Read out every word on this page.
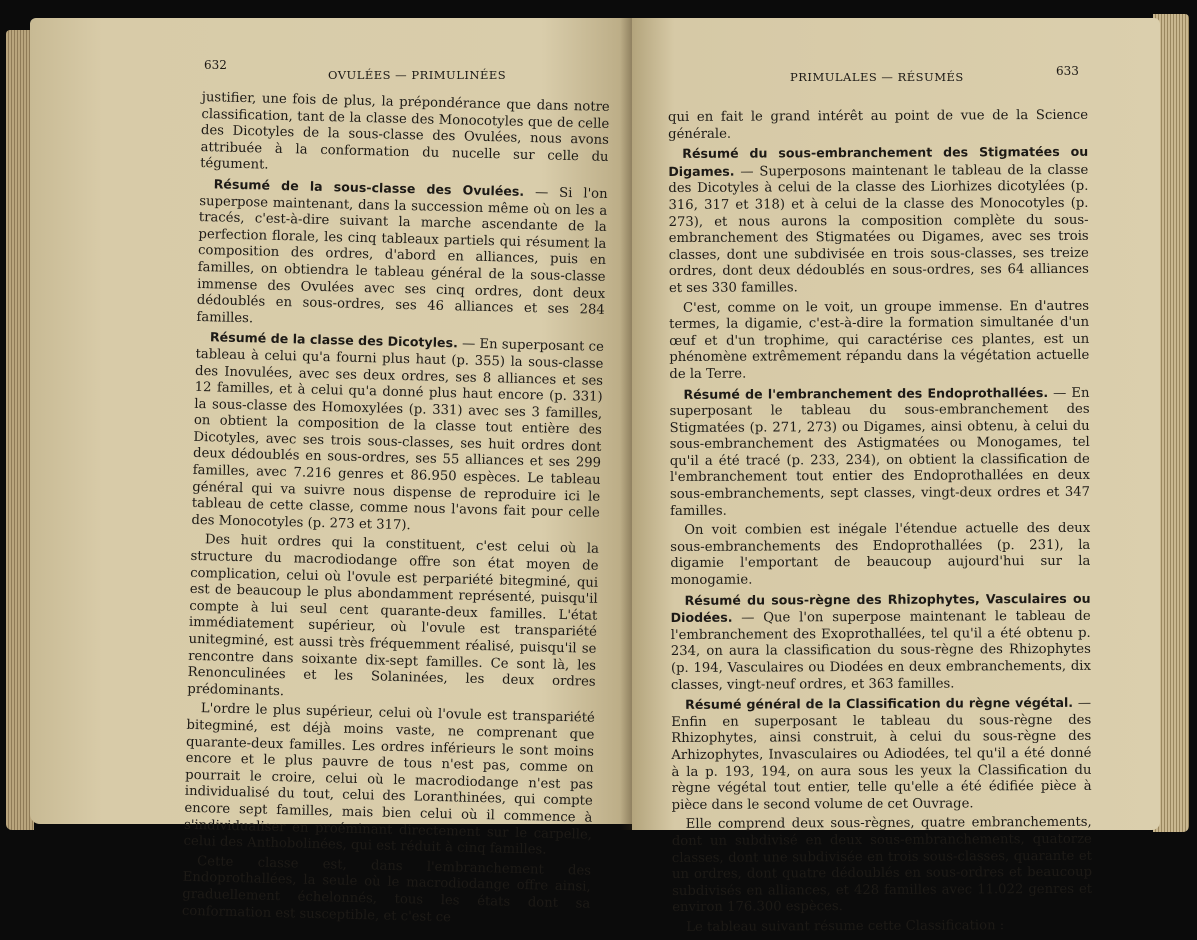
632
OVULÉES — PRIMULINÉES

justifier, une fois de plus, la prépondérance que dans notre classification, tant de la classe des Monocotyles que de celle des Dicotyles de la sous-classe des Ovulées, nous avons attribuée à la conformation du nucelle sur celle du tégument.

Résumé de la sous-classe des Ovulées. — Si l'on superpose maintenant, dans la succession même où on les a tracés, c'est-à-dire suivant la marche ascendante de la perfection florale, les cinq tableaux partiels qui résument la composition des ordres, d'abord en alliances, puis en familles, on obtiendra le tableau général de la sous-classe immense des Ovulées avec ses cinq ordres, dont deux dédoublés en sous-ordres, ses 46 alliances et ses 284 familles.

Résumé de la classe des Dicotyles. — En superposant ce tableau à celui qu'a fourni plus haut (p. 355) la sous-classe des Inovulées, avec ses deux ordres, ses 8 alliances et ses 12 familles, et à celui qu'a donné plus haut encore (p. 331) la sous-classe des Homoxylées (p. 331) avec ses 3 familles, on obtient la composition de la classe tout entière des Dicotyles, avec ses trois sous-classes, ses huit ordres dont deux dédoublés en sous-ordres, ses 55 alliances et ses 299 familles, avec 7.216 genres et 86.950 espèces. Le tableau général qui va suivre nous dispense de reproduire ici le tableau de cette classe, comme nous l'avons fait pour celle des Monocotyles (p. 273 et 317).

Des huit ordres qui la constituent, c'est celui où la structure du macrodiodange offre son état moyen de complication, celui où l'ovule est perpariété bitegminé, qui est de beaucoup le plus abondamment représenté, puisqu'il compte à lui seul cent quarante-deux familles. L'état immédiatement supérieur, où l'ovule est transpariété unitegminé, est aussi très fréquemment réalisé, puisqu'il se rencontre dans soixante dix-sept familles. Ce sont là, les Renonculinées et les Solaninées, les deux ordres prédominants.

L'ordre le plus supérieur, celui où l'ovule est transpariété bitegminé, est déjà moins vaste, ne comprenant que quarante-deux familles. Les ordres inférieurs le sont moins encore et le plus pauvre de tous n'est pas, comme on pourrait le croire, celui où le macrodiodange n'est pas individualisé du tout, celui des Loranthinées, qui compte encore sept familles, mais bien celui où il commence à s'individualiser en proéminant directement sur le carpelle, celui des Anthobolinées, qui est réduit à cinq familles.

Cette classe est, dans l'embranchement des Endoprothallées, la seule où le macrodiodange offre ainsi, graduellement échelonnés, tous les états dont sa conformation est susceptible, et c'est ce

PRIMULALES — RÉSUMÉS	633

qui en fait le grand intérêt au point de vue de la Science générale.

Résumé du sous-embranchement des Stigmatées ou Digames. — Superposons maintenant le tableau de la classe des Dicotyles à celui de la classe des Liorhizes dicotylées (p. 316, 317 et 318) et à celui de la classe des Monocotyles (p. 273), et nous aurons la composition complète du sous-embranchement des Stigmatées ou Digames, avec ses trois classes, dont une subdivisée en trois sous-classes, ses treize ordres, dont deux dédoublés en sous-ordres, ses 64 alliances et ses 330 familles.

C'est, comme on le voit, un groupe immense. En d'autres termes, la digamie, c'est-à-dire la formation simultanée d'un œuf et d'un trophime, qui caractérise ces plantes, est un phénomène extrêmement répandu dans la végétation actuelle de la Terre.

Résumé de l'embranchement des Endoprothallées. — En superposant le tableau du sous-embranchement des Stigmatées (p. 271, 273) ou Digames, ainsi obtenu, à celui du sous-embranchement des Astigmatées ou Monogames, tel qu'il a été tracé (p. 233, 234), on obtient la classification de l'embranchement tout entier des Endoprothallées en deux sous-embranchements, sept classes, vingt-deux ordres et 347 familles.

On voit combien est inégale l'étendue actuelle des deux sous-embranchements des Endoprothallées (p. 231), la digamie l'emportant de beaucoup aujourd'hui sur la monogamie.

Résumé du sous-règne des Rhizophytes, Vasculaires ou Diodées. — Que l'on superpose maintenant le tableau de l'embranchement des Exoprothallées, tel qu'il a été obtenu p. 234, on aura la classification du sous-règne des Rhizophytes (p. 194, Vasculaires ou Diodées en deux embranchements, dix classes, vingt-neuf ordres, et 363 familles.

Résumé général de la Classification du règne végétal. — Enfin en superposant le tableau du sous-règne des Rhizophytes, ainsi construit, à celui du sous-règne des Arhizophytes, Invasculaires ou Adiodées, tel qu'il a été donné à la p. 193, 194, on aura sous les yeux la Classification du règne végétal tout entier, telle qu'elle a été édifiée pièce à pièce dans le second volume de cet Ouvrage.

Elle comprend deux sous-règnes, quatre embranchements, dont un subdivisé en deux sous-embranchements, quatorze classes, dont une subdivisée en trois sous-classes, quarante et un ordres, dont quatre dédoublés en sous-ordres et beaucoup subdivisés en alliances, et 428 familles avec 11.022 genres et environ 176.300 espèces.

Le tableau suivant résume cette Classification :
